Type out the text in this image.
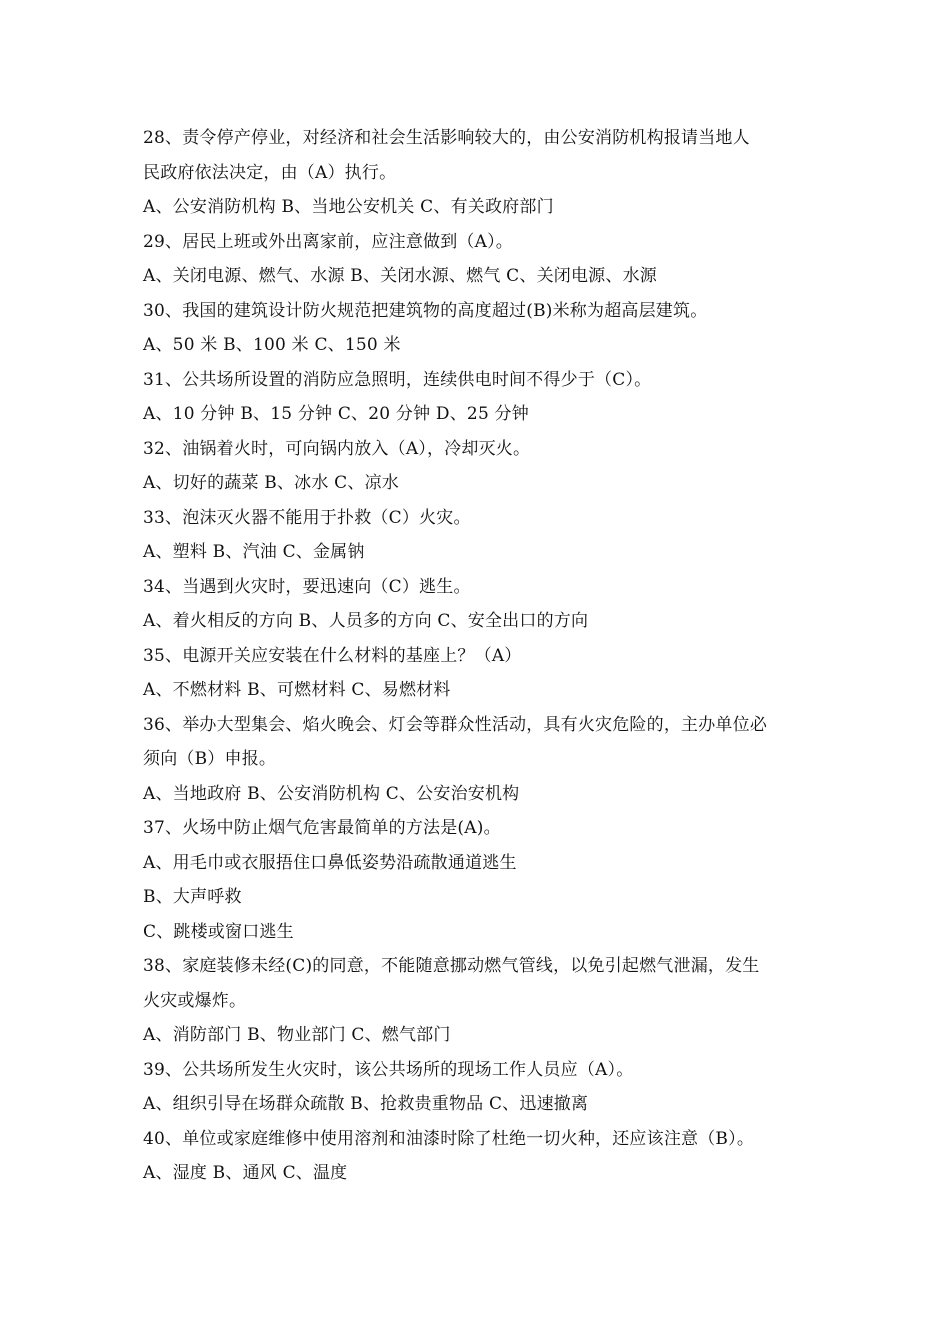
28、责令停产停业，对经济和社会生活影响较大的，由公安消防机构报请当地人
民政府依法决定，由（A）执行。
A、公安消防机构 B、当地公安机关 C、有关政府部门
29、居民上班或外出离家前，应注意做到（A）。
A、关闭电源、燃气、水源 B、关闭水源、燃气 C、关闭电源、水源
30、我国的建筑设计防火规范把建筑物的高度超过(B)米称为超高层建筑。
A、50 米 B、100 米 C、150 米
31、公共场所设置的消防应急照明，连续供电时间不得少于（C）。
A、10 分钟 B、15 分钟 C、20 分钟 D、25 分钟
32、油锅着火时，可向锅内放入（A），冷却灭火。
A、切好的蔬菜 B、冰水 C、凉水
33、泡沫灭火器不能用于扑救（C）火灾。
A、塑料 B、汽油 C、金属钠
34、当遇到火灾时，要迅速向（C）逃生。
A、着火相反的方向 B、人员多的方向 C、安全出口的方向
35、电源开关应安装在什么材料的基座上？（A）
A、不燃材料 B、可燃材料 C、易燃材料
36、举办大型集会、焰火晚会、灯会等群众性活动，具有火灾危险的，主办单位必
须向（B）申报。
A、当地政府 B、公安消防机构 C、公安治安机构
37、火场中防止烟气危害最简单的方法是(A)。
A、用毛巾或衣服捂住口鼻低姿势沿疏散通道逃生
B、大声呼救
C、跳楼或窗口逃生
38、家庭装修未经(C)的同意，不能随意挪动燃气管线，以免引起燃气泄漏，发生
火灾或爆炸。
A、消防部门 B、物业部门 C、燃气部门
39、公共场所发生火灾时，该公共场所的现场工作人员应（A）。
A、组织引导在场群众疏散 B、抢救贵重物品 C、迅速撤离
40、单位或家庭维修中使用溶剂和油漆时除了杜绝一切火种，还应该注意（B）。
A、湿度 B、通风 C、温度
